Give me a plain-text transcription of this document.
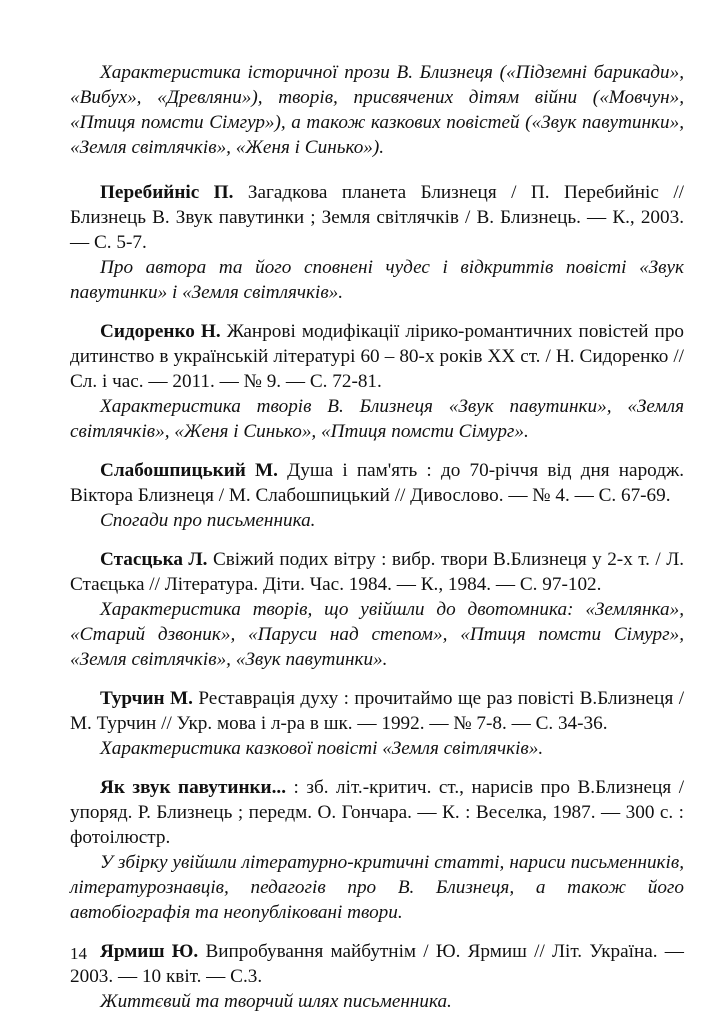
Характеристика історичної прози В. Близнеця («Підземні барикади», «Вибух», «Древляни»), творів, присвячених дітям війни («Мовчун», «Птиця помсти Сімгур»), а також казкових повістей («Звук павутинки», «Земля світлячків», «Женя і Синько»).

Перебийніс П. Загадкова планета Близнеця / П. Перебийніс // Близнець В. Звук павутинки ; Земля світлячків / В. Близнець. — К., 2003. — С. 5-7.

Про автора та його сповнені чудес і відкриттів повісті «Звук павутинки» і «Земля світлячків».

Сидоренко Н. Жанрові модифікації лірико-романтичних повістей про дитинство в українській літературі 60 – 80-х років XX ст. / Н. Сидоренко // Сл. і час. — 2011. — № 9. — С. 72-81.

Характеристика творів В. Близнеця «Звук павутинки», «Земля світлячків», «Женя і Синько», «Птиця помсти Сімург».

Слабошпицький М. Душа і пам'ять : до 70-річчя від дня народж. Віктора Близнеця / М. Слабошпицький // Дивослово. — № 4. — С. 67-69.

Спогади про письменника.

Стасцька Л. Свіжий подих вітру : вибр. твори В.Близнеця у 2-х т. / Л. Стаєцька // Література. Діти. Час. 1984. — К., 1984. — С. 97-102.

Характеристика творів, що увійшли до двотомника: «Землянка», «Старий дзвоник», «Паруси над степом», «Птиця помсти Сімург», «Земля світлячків», «Звук павутинки».

Турчин М. Реставрація духу : прочитаймо ще раз повісті В.Близнеця / М. Турчин // Укр. мова і л-ра в шк. — 1992. — № 7-8. — С. 34-36.

Характеристика казкової повісті «Земля світлячків».

Як звук павутинки... : зб. літ.-критич. ст., нарисів про В.Близнеця / упоряд. Р. Близнець ; передм. О. Гончара. — К. : Веселка, 1987. — 300 с. : фотоілюстр.

У збірку увійшли літературно-критичні статті, нариси письменників, літературознавців, педагогів про В. Близнеця, а також його автобіографія та неопубліковані твори.

Ярмиш Ю. Випробування майбутнім / Ю. Ярмиш // Літ. Україна. — 2003. — 10 квіт. — С.3.

Життєвий та творчий шлях письменника.

14
